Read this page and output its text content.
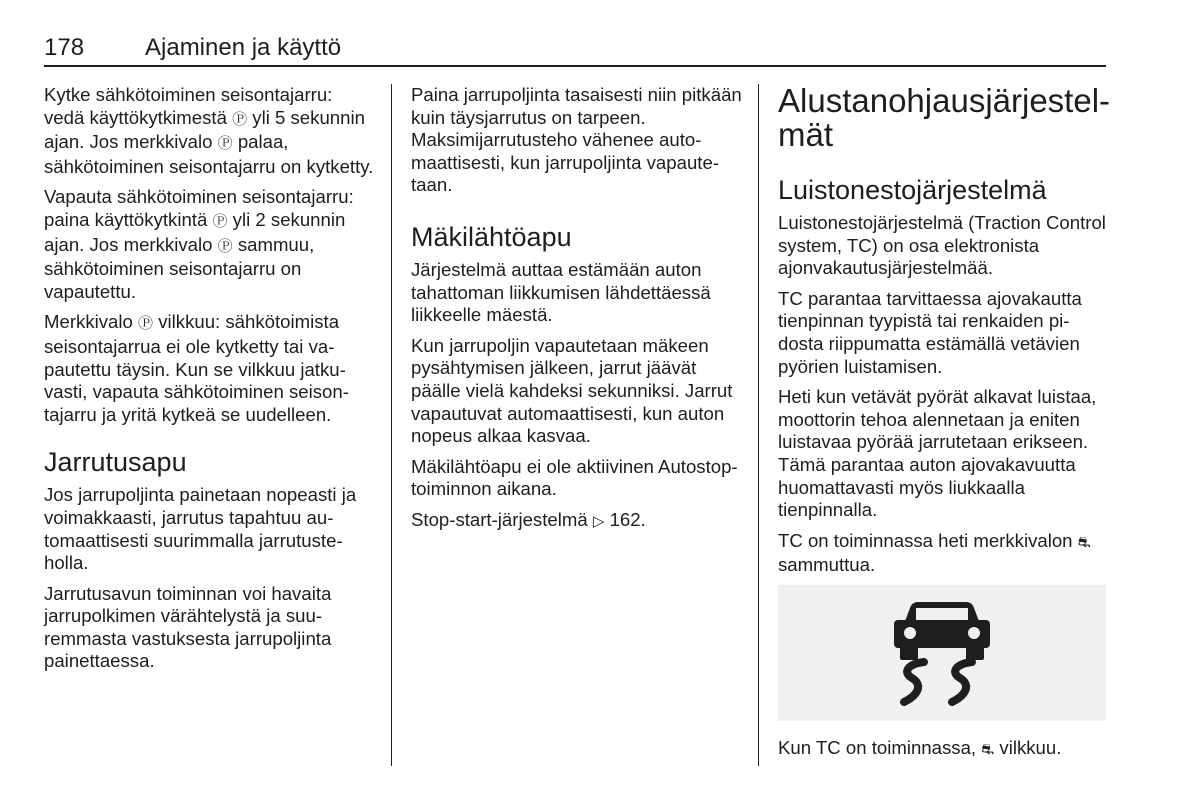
178	Ajaminen ja käyttö

Kytke sähkötoiminen seisontajarru: vedä käyttökytkimestä Ⓟ yli 5 sekunnin ajan. Jos merkkivalo Ⓟ palaa, sähkötoiminen seisontajarru on kytketty.

Vapauta sähkötoiminen seisontajarru: paina käyttökytkintä Ⓟ yli 2 sekunnin ajan. Jos merkkivalo Ⓟ sammuu, sähkötoiminen seisontajarru on vapautettu.

Merkkivalo Ⓟ vilkkuu: sähkötoimista seisontajarrua ei ole kytketty tai vapautettu täysin. Kun se vilkkuu jatkuvasti, vapauta sähkötoiminen seisontajarru ja yritä kytkeä se uudelleen.

Jarrutusapu

Jos jarrupoljinta painetaan nopeasti ja voimakkaasti, jarrutus tapahtuu automaattisesti suurimmalla jarrutusteholla.

Jarrutusavun toiminnan voi havaita jarrupolkimen värähtelystä ja suuremmasta vastuksesta jarrupoljinta painettaessa.

Paina jarrupoljinta tasaisesti niin pitkään kuin täysjarrutus on tarpeen. Maksimijarrutusteho vähenee automaattisesti, kun jarrupoljinta vapautetaan.

Mäkilähtöapu

Järjestelmä auttaa estämään auton tahattoman liikkumisen lähdettäessä liikkeelle mäestä.

Kun jarrupoljin vapautetaan mäkeen pysähtymisen jälkeen, jarrut jäävät päälle vielä kahdeksi sekunniksi. Jarrut vapautuvat automaattisesti, kun auton nopeus alkaa kasvaa.

Mäkilähtöapu ei ole aktiivinen Autostop-toiminnon aikana.

Stop-start-järjestelmä ▷ 162.

Alustanohjausjärjestelmät
Luistonestojärjestelmä

Luistonestojärjestelmä (Traction Control system, TC) on osa elektronista ajonvakautusjärjestelmää.

TC parantaa tarvittaessa ajovakautta tienpinnan tyypistä tai renkaiden pidosta riippumatta estämällä vetävien pyörien luistamisen.

Heti kun vetävät pyörät alkavat luistaa, moottorin tehoa alennetaan ja eniten luistavaa pyörää jarrutetaan erikseen. Tämä parantaa auton ajovakavuutta huomattavasti myös liukkaalla tienpinnalla.

TC on toiminnassa heti merkkivalon ⛐ sammuttua.

Kun TC on toiminnassa, ⛐ vilkkuu.
